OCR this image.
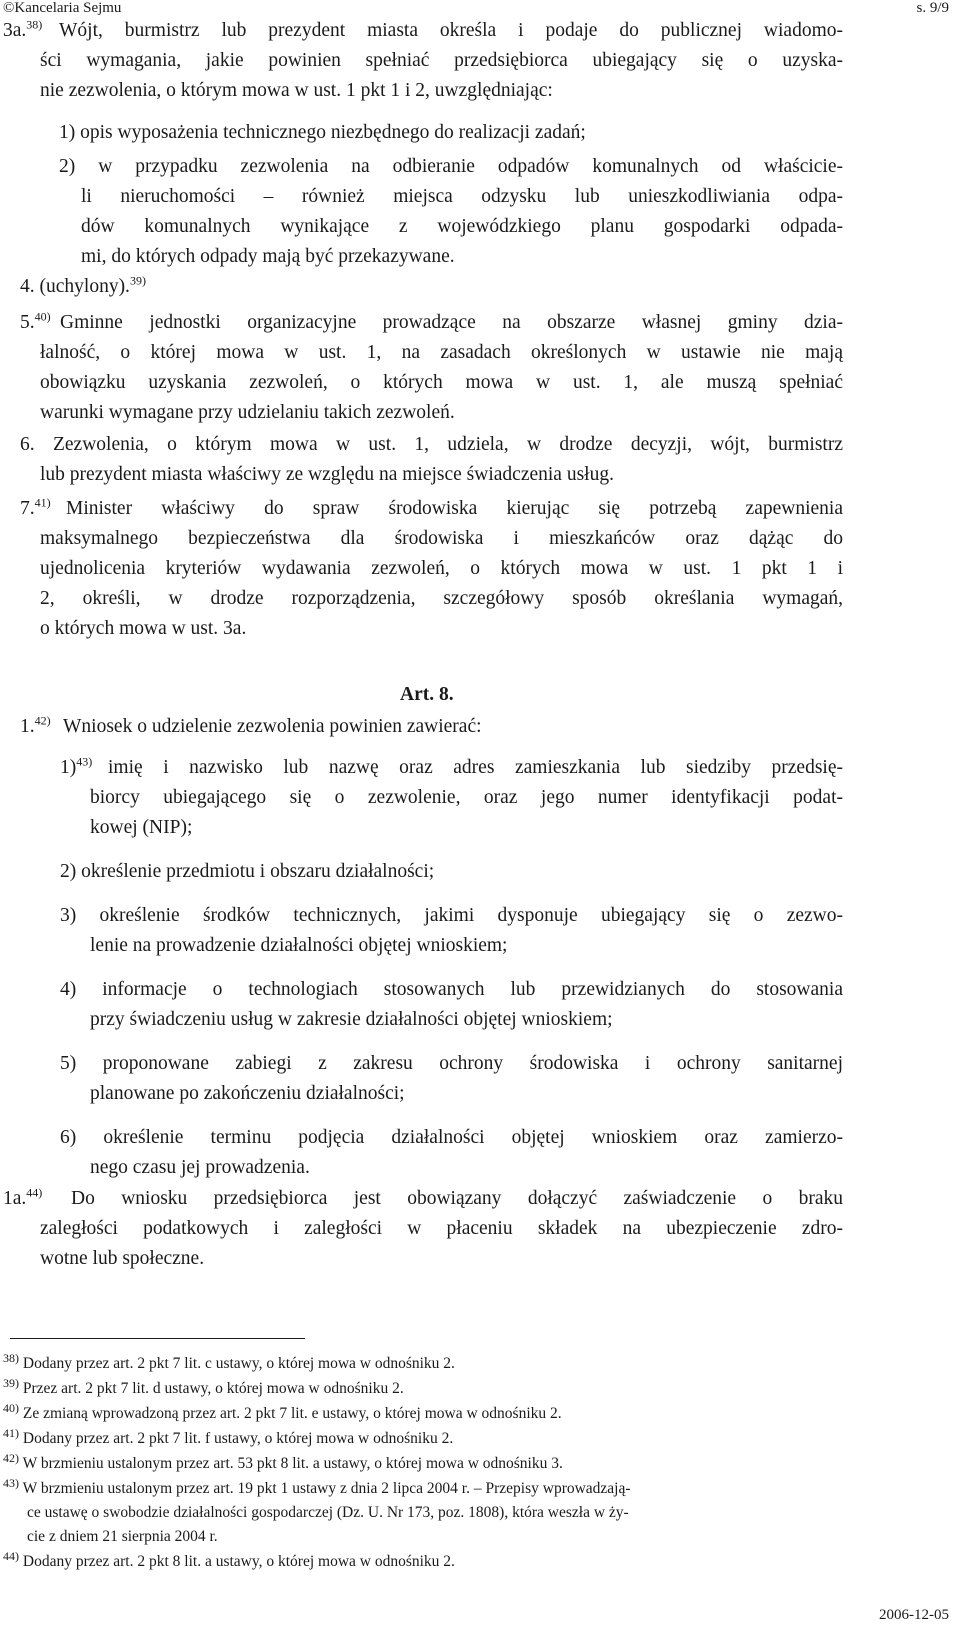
©Kancelaria Sejmu	s. 9/9
3a.$^{38)}$ Wójt, burmistrz lub prezydent miasta określa i podaje do publicznej wiadomo-
ści wymagania, jakie powinien spełniać przedsiębiorca ubiegający się o uzyska-
nie zezwolenia, o którym mowa w ust. 1 pkt 1 i 2, uwzględniając:
1) opis wyposażenia technicznego niezbędnego do realizacji zadań;
2) w przypadku zezwolenia na odbieranie odpadów komunalnych od właściciе-
li nieruchomości – również miejsca odzysku lub unieszkodliwiania odpa-
dów komunalnych wynikające z wojewódzkiego planu gospodarki odpada-
mi, do których odpady mają być przekazywane.
4. (uchylony).$^{39)}$
5.$^{40)}$ Gminne jednostki organizacyjne prowadzące na obszarze własnej gminy dzia-
łalność, o której mowa w ust. 1, na zasadach określonych w ustawie nie mają
obowiązku uzyskania zezwoleń, o których mowa w ust. 1, ale muszą spełniać
warunki wymagane przy udzielaniu takich zezwoleń.
6. Zezwolenia, o którym mowa w ust. 1, udziela, w drodze decyzji, wójt, burmistrz
lub prezydent miasta właściwy ze względu na miejsce świadczenia usług.
7.$^{41)}$ Minister właściwy do spraw środowiska kierując się potrzebą zapewnienia
maksymalnego bezpieczeństwa dla środowiska i mieszkańców oraz dążąc do
ujednolicenia kryteriów wydawania zezwoleń, o których mowa w ust. 1 pkt 1 i
2, określi, w drodze rozporządzenia, szczegółowy sposób określania wymagań,
o których mowa w ust. 3a.
Art. 8.
1.$^{42)}$ Wniosek o udzielenie zezwolenia powinien zawierać:
1)$^{43)}$ imię i nazwisko lub nazwę oraz adres zamieszkania lub siedziby przedsię-
biorcy ubiegającego się o zezwolenie, oraz jego numer identyfikacji podat-
kowej (NIP);
2) określenie przedmiotu i obszaru działalności;
3) określenie środków technicznych, jakimi dysponuje ubiegający się o zezwo-
lenie na prowadzenie działalności objętej wnioskiem;
4) informacje o technologiach stosowanych lub przewidzianych do stosowania
przy świadczeniu usług w zakresie działalności objętej wnioskiem;
5) proponowane zabiegi z zakresu ochrony środowiska i ochrony sanitarnej
planowane po zakończeniu działalności;
6) określenie terminu podjęcia działalności objętej wnioskiem oraz zamierzo-
nego czasu jej prowadzenia.
1a.$^{44)}$ Do wniosku przedsiębiorca jest obowiązany dołączyć zaświadczenie o braku
zaległości podatkowych i zaległości w płaceniu składek na ubezpieczenie zdro-
wotne lub społeczne.
$^{38)}$ Dodany przez art. 2 pkt 7 lit. c ustawy, o której mowa w odnośniku 2.
$^{39)}$ Przez art. 2 pkt 7 lit. d ustawy, o której mowa w odnośniku 2.
$^{40)}$ Ze zmianą wprowadzoną przez art. 2 pkt 7 lit. e ustawy, o której mowa w odnośniku 2.
$^{41)}$ Dodany przez art. 2 pkt 7 lit. f ustawy, o której mowa w odnośniku 2.
$^{42)}$ W brzmieniu ustalonym przez art. 53 pkt 8 lit. a ustawy, o której mowa w odnośniku 3.
$^{43)}$ W brzmieniu ustalonym przez art. 19 pkt 1 ustawy z dnia 2 lipca 2004 r. – Przepisy wprowadzają-
ce ustawę o swobodzie działalności gospodarczej (Dz. U. Nr 173, poz. 1808), która weszła w ży-
cie z dniem 21 sierpnia 2004 r.
$^{44)}$ Dodany przez art. 2 pkt 8 lit. a ustawy, o której mowa w odnośniku 2.
2006-12-05
